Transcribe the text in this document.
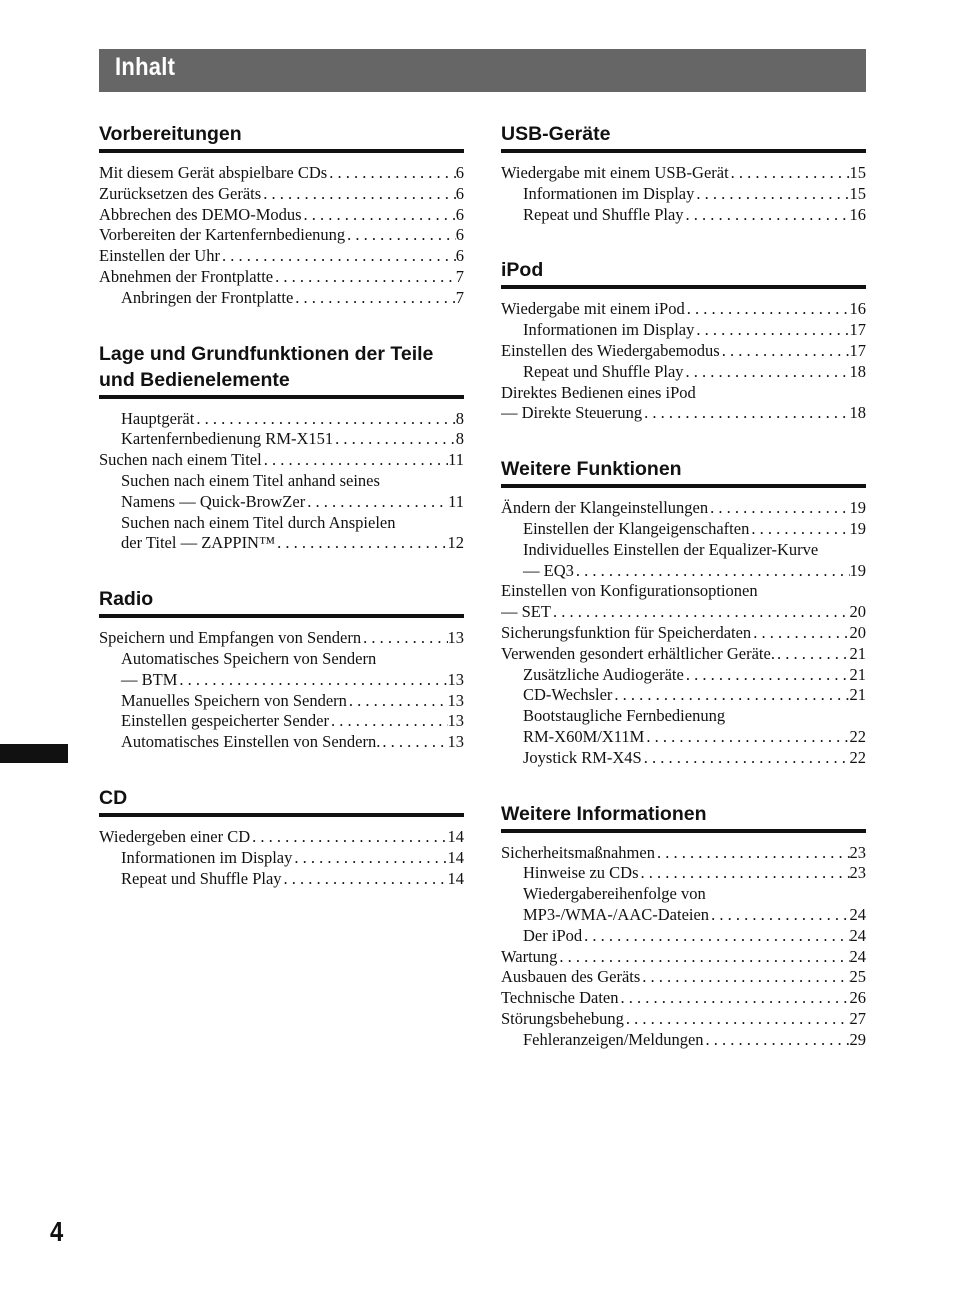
Inhalt
Vorbereitungen
Mit diesem Gerät abspielbare CDs . . .	6
Zurücksetzen des Geräts . . .	6
Abbrechen des DEMO-Modus . . .	6
Vorbereiten der Kartenfernbedienung . . .	6
Einstellen der Uhr . . .	6
Abnehmen der Frontplatte . . .	7
Anbringen der Frontplatte . . .	7
Lage und Grundfunktionen der Teile und Bedienelemente
Hauptgerät . . .	8
Kartenfernbedienung RM-X151 . . .	8
Suchen nach einem Titel . . .	11
Suchen nach einem Titel anhand seines
Namens — Quick-BrowZer . . .	11
Suchen nach einem Titel durch Anspielen
der Titel — ZAPPIN™ . . .	12
Radio
Speichern und Empfangen von Sendern . . .	13
Automatisches Speichern von Sendern
— BTM . . .	13
Manuelles Speichern von Sendern . . .	13
Einstellen gespeicherter Sender . . .	13
Automatisches Einstellen von Sendern. . . .	13
CD
Wiedergeben einer CD . . .	14
Informationen im Display . . .	14
Repeat und Shuffle Play . . .	14
USB-Geräte
Wiedergabe mit einem USB-Gerät . . .	15
Informationen im Display . . .	15
Repeat und Shuffle Play . . .	16
iPod
Wiedergabe mit einem iPod . . .	16
Informationen im Display . . .	17
Einstellen des Wiedergabemodus . . .	17
Repeat und Shuffle Play . . .	18
Direktes Bedienen eines iPod
— Direkte Steuerung . . .	18
Weitere Funktionen
Ändern der Klangeinstellungen . . .	19
Einstellen der Klangeigenschaften . . .	19
Individuelles Einstellen der Equalizer-Kurve
— EQ3 . . .	19
Einstellen von Konfigurationsoptionen
— SET . . .	20
Sicherungsfunktion für Speicherdaten . . .	20
Verwenden gesondert erhältlicher Geräte. . . .	21
Zusätzliche Audiogeräte . . .	21
CD-Wechsler . . .	21
Bootstaugliche Fernbedienung
RM-X60M/X11M . . .	22
Joystick RM-X4S . . .	22
Weitere Informationen
Sicherheitsmaßnahmen . . .	23
Hinweise zu CDs . . .	23
Wiedergabereihenfolge von
MP3-/WMA-/AAC-Dateien . . .	24
Der iPod . . .	24
Wartung . . .	24
Ausbauen des Geräts . . .	25
Technische Daten . . .	26
Störungsbehebung . . .	27
Fehleranzeigen/Meldungen . . .	29
4
